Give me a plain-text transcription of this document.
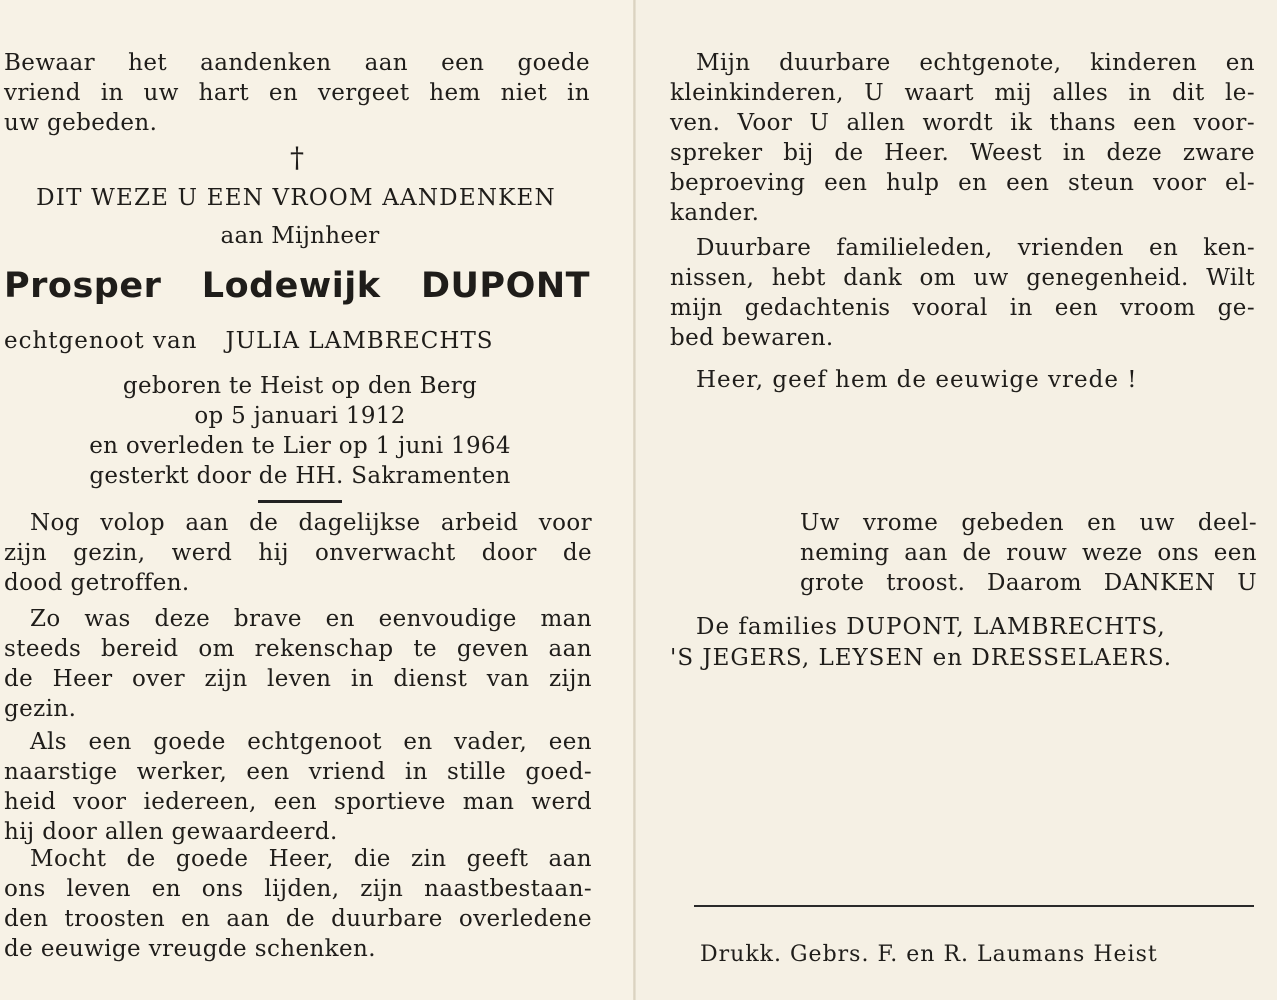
Bewaar het aandenken aan een goede
vriend in uw hart en vergeet hem niet in
uw gebeden.
†
DIT WEZE U EEN VROOM AANDENKEN
aan Mijnheer
Prosper Lodewijk DUPONT
echtgenoot van JULIA LAMBRECHTS
geboren te Heist op den Berg
op 5 januari 1912
en overleden te Lier op 1 juni 1964
gesterkt door de HH. Sakramenten
Nog volop aan de dagelijkse arbeid voor
zijn gezin, werd hij onverwacht door de
dood getroffen.
Zo was deze brave en eenvoudige man
steeds bereid om rekenschap te geven aan
de Heer over zijn leven in dienst van zijn
gezin.
Als een goede echtgenoot en vader, een
naarstige werker, een vriend in stille goed-
heid voor iedereen, een sportieve man werd
hij door allen gewaardeerd.
Mocht de goede Heer, die zin geeft aan
ons leven en ons lijden, zijn naastbestaan-
den troosten en aan de duurbare overledene
de eeuwige vreugde schenken.
Mijn duurbare echtgenote, kinderen en
kleinkinderen, U waart mij alles in dit le-
ven. Voor U allen wordt ik thans een voor-
spreker bij de Heer. Weest in deze zware
beproeving een hulp en een steun voor el-
kander.
Duurbare familieleden, vrienden en ken-
nissen, hebt dank om uw genegenheid. Wilt
mijn gedachtenis vooral in een vroom ge-
bed bewaren.
Heer, geef hem de eeuwige vrede !
Uw vrome gebeden en uw deel-
neming aan de rouw weze ons een
grote troost. Daarom DANKEN U
De families DUPONT, LAMBRECHTS,
'S JEGERS, LEYSEN en DRESSELAERS.
Drukk. Gebrs. F. en R. Laumans Heist
